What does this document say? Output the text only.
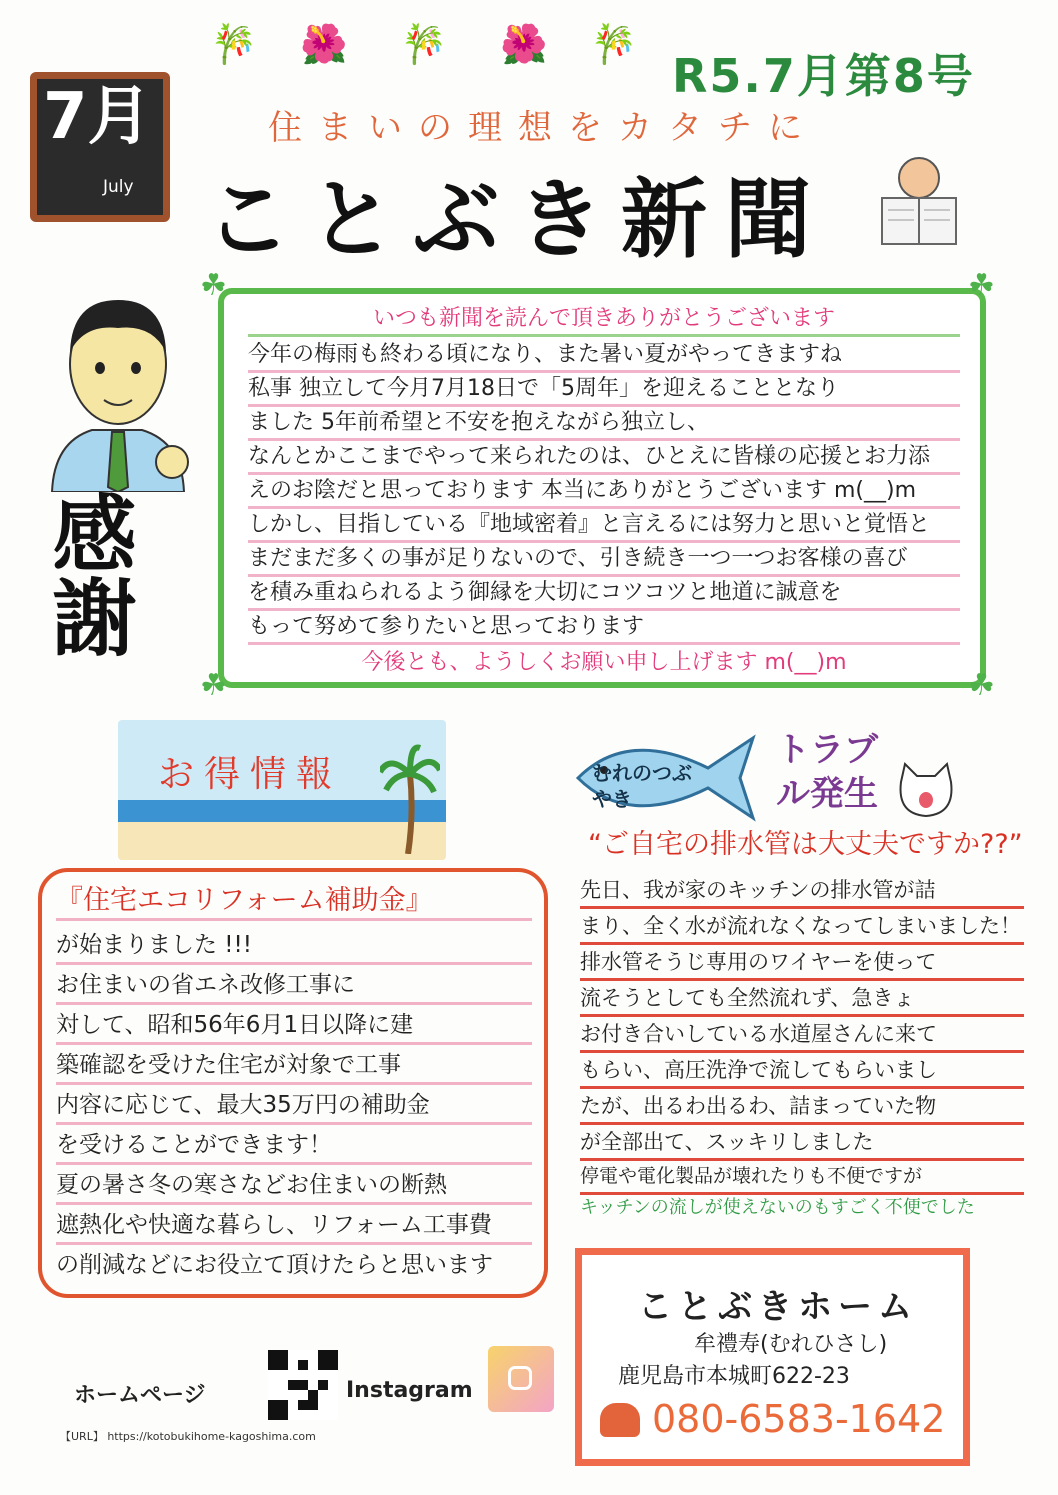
🎋 🌺 🎋 🌺 🎋
7月
July
R5.7月第8号
住まいの理想をカタチに
ことぶき新聞
感謝
いつも新聞を読んで頂きありがとうございます
今年の梅雨も終わる頃になり、また暑い夏がやってきますね
私事 独立して今月7月18日で「5周年」を迎えることとなり
ました 5年前希望と不安を抱えながら独立し、
なんとかここまでやって来られたのは、ひとえに皆様の応援とお力添
えのお陰だと思っております 本当にありがとうございます m(__)m
しかし、目指している『地域密着』と言えるには努力と思いと覚悟と
まだまだ多くの事が足りないので、引き続き一つ一つお客様の喜び
を積み重ねられるよう御縁を大切にコツコツと地道に誠意を
もって努めて参りたいと思っております
今後とも、ようしくお願い申し上げます m(__)m
☘	☘
☘	☘
お得情報
『住宅エコリフォーム補助金』
が始まりました !!!
お住まいの省エネ改修工事に
対して、昭和56年6月1日以降に建
築確認を受けた住宅が対象で工事
内容に応じて、最大35万円の補助金
を受けることができます！
夏の暑さ冬の寒さなどお住まいの断熱
遮熱化や快適な暮らし、リフォーム工事費
の削減などにお役立て頂けたらと思います
むれのつぶやき
トラブル発生
“ご自宅の排水管は大丈夫ですか??”
先日、我が家のキッチンの排水管が詰
まり、全く水が流れなくなってしまいました！
排水管そうじ専用のワイヤーを使って
流そうとしても全然流れず、急きょ
お付き合いしている水道屋さんに来て
もらい、高圧洗浄で流してもらいまし
たが、出るわ出るわ、詰まっていた物
が全部出て、スッキリしました
停電や電化製品が壊れたりも不便ですが
キッチンの流しが使えないのもすごく不便でした
ことぶきホーム
牟禮寿(むれひさし)
鹿児島市本城町622-23
080-6583-1642
ホームページ	Instagram
【URL】 https://kotobukihome-kagoshima.com
